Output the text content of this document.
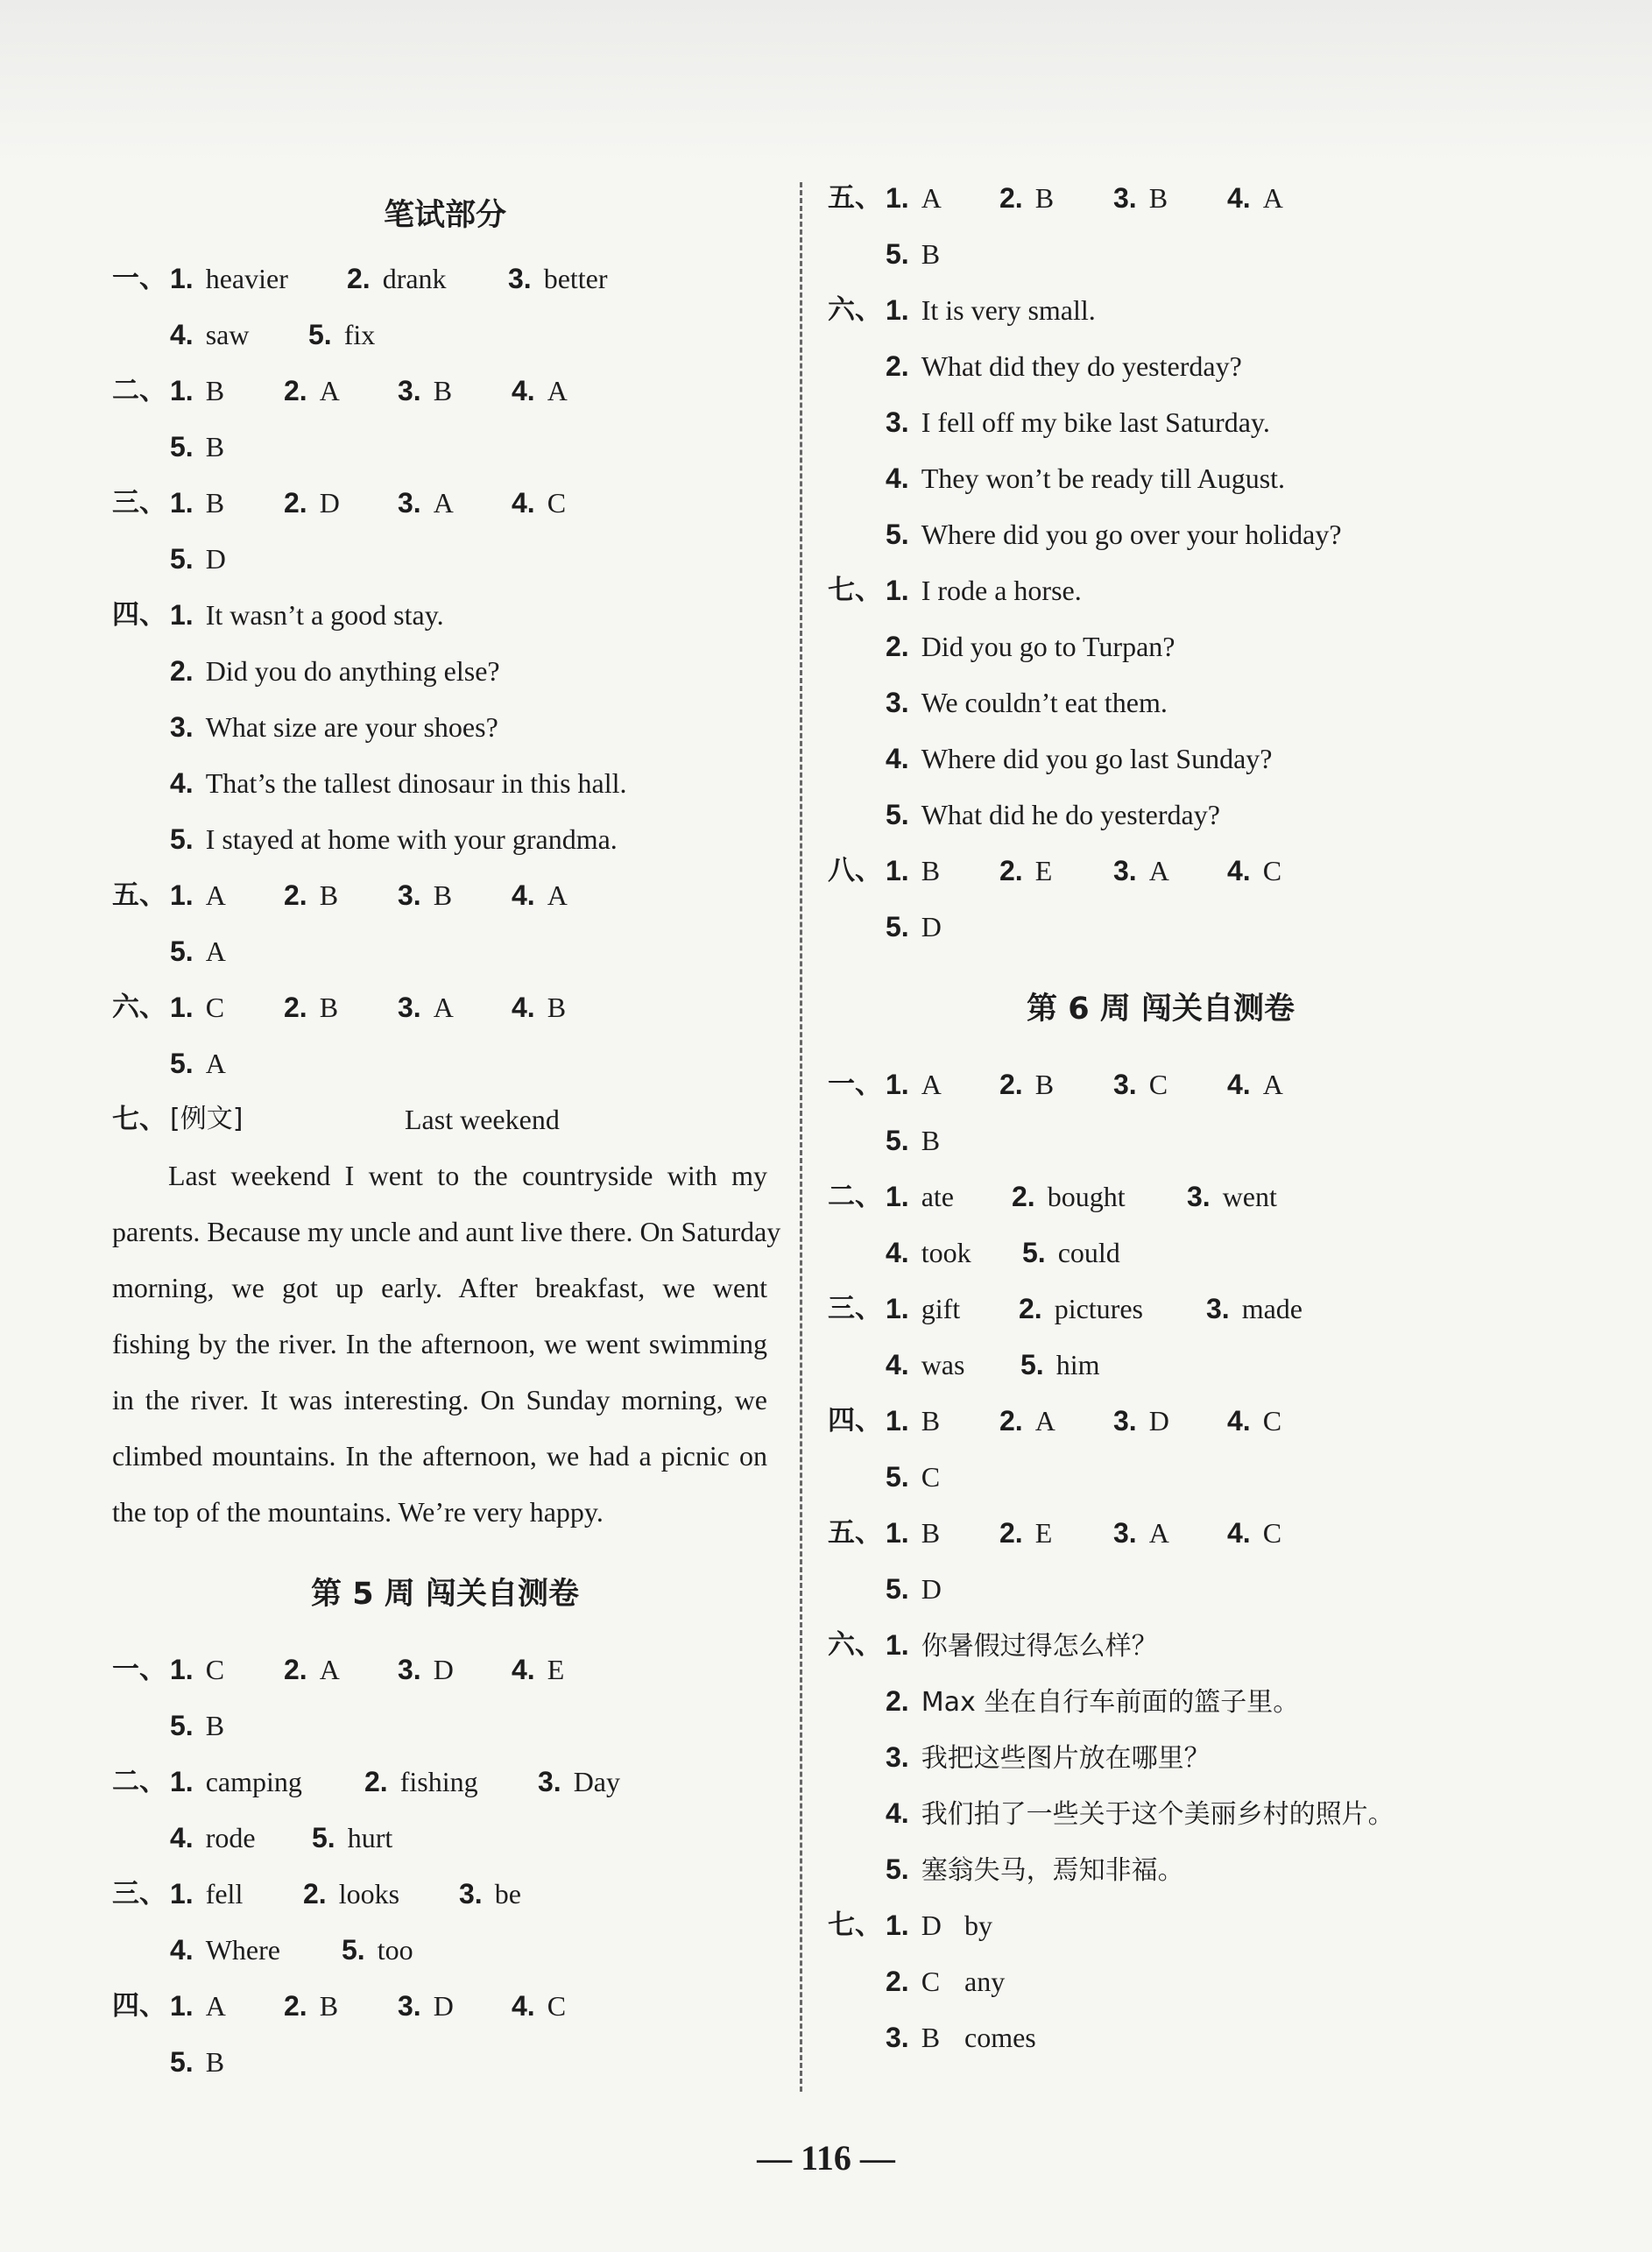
笔试部分
一、 1. heavier 2. drank 3. better
4. saw 5. fix
二、 1. B 2. A 3. B 4. A
5. B
三、 1. B 2. D 3. A 4. C
5. D
四、 1. It wasn’t a good stay.
2. Did you do anything else?
3. What size are your shoes?
4. That’s the tallest dinosaur in this hall.
5. I stayed at home with your grandma.
五、 1. A 2. B 3. B 4. A
5. A
六、 1. C 2. B 3. A 4. B
5. A
七、 [例文]	Last weekend
Last weekend I went to the countryside with my
parents. Because my uncle and aunt live there. On Saturday
morning, we got up early. After breakfast, we went
fishing by the river. In the afternoon, we went swimming
in the river. It was interesting. On Sunday morning, we
climbed mountains. In the afternoon, we had a picnic on
the top of the mountains. We’re very happy.
第 5 周 闯关自测卷
一、 1. C 2. A 3. D 4. E
5. B
二、 1. camping 2. fishing 3. Day
4. rode 5. hurt
三、 1. fell 2. looks 3. be
4. Where 5. too
四、 1. A 2. B 3. D 4. C
5. B
五、 1. A 2. B 3. B 4. A
5. B
六、 1. It is very small.
2. What did they do yesterday?
3. I fell off my bike last Saturday.
4. They won’t be ready till August.
5. Where did you go over your holiday?
七、 1. I rode a horse.
2. Did you go to Turpan?
3. We couldn’t eat them.
4. Where did you go last Sunday?
5. What did he do yesterday?
八、 1. B 2. E 3. A 4. C
5. D
第 6 周 闯关自测卷
一、 1. A 2. B 3. C 4. A
5. B
二、 1. ate 2. bought 3. went
4. took 5. could
三、 1. gift 2. pictures 3. made
4. was 5. him
四、 1. B 2. A 3. D 4. C
5. C
五、 1. B 2. E 3. A 4. C
5. D
六、 1. 你暑假过得怎么样？
2. Max 坐在自行车前面的篮子里。
3. 我把这些图片放在哪里？
4. 我们拍了一些关于这个美丽乡村的照片。
5. 塞翁失马，焉知非福。
七、 1. D by
2. C any
3. B comes
— 116 —
